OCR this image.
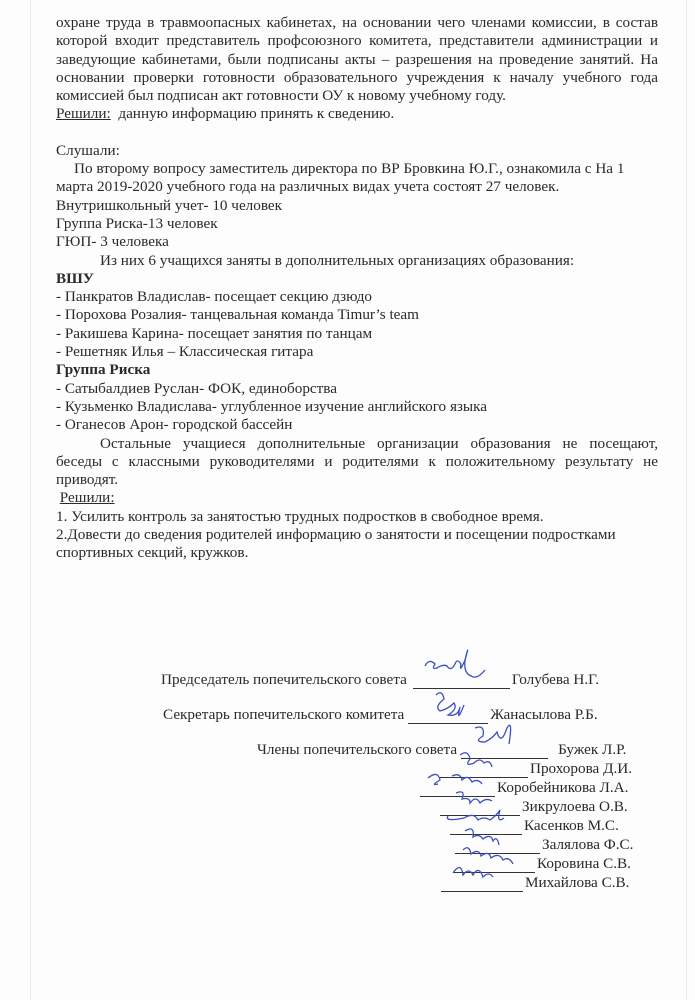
охране труда в травмоопасных кабинетах, на основании чего членами комиссии, в состав которой входит представитель профсоюзного комитета, представители администрации и заведующие кабинетами, были подписаны акты – разрешения на проведение занятий. На основании проверки готовности образовательного учреждения к началу учебного года комиссией был подписан акт готовности ОУ к новому учебному году.

Решили:  данную информацию принять к сведению.

Слушали:

По второму вопросу заместитель директора по ВР Бровкина Ю.Г., ознакомила с На 1 марта 2019-2020 учебного года на различных видах учета состоят 27 человек.

Внутришкольный учет- 10 человек

Группа Риска-13 человек

ГЮП- 3 человека

Из них 6 учащихся заняты в дополнительных организациях образования:

ВШУ

- Панкратов Владислав- посещает секцию дзюдо

- Порохова Розалия- танцевальная команда Timur’s team

- Ракишева Карина- посещает занятия по танцам

- Решетняк Илья – Классическая гитара

Группа Риска

- Сатыбалдиев Руслан- ФОК, единоборства

- Кузьменко Владислава- углубленное изучение английского языка

- Оганесов Арон- городской бассейн

Остальные учащиеся дополнительные организации образования не посещают, беседы с классными руководителями и родителями к положительному результату не приводят.

Решили:

1. Усилить контроль за занятостью трудных подростков в свободное время.

2.Довести до сведения родителей информацию о занятости и посещении подростками спортивных секций, кружков.

Председатель попечительского совета	Голубева Н.Г.
Секретарь попечительского комитета	Жанасылова Р.Б.
Члены попечительского совета	Бужек Л.Р.
Прохорова Д.И.
Коробейникова Л.А.
Зикрулоева О.В.
Касенков М.С.
Залялова Ф.С.
Коровина С.В.
Михайлова С.В.
